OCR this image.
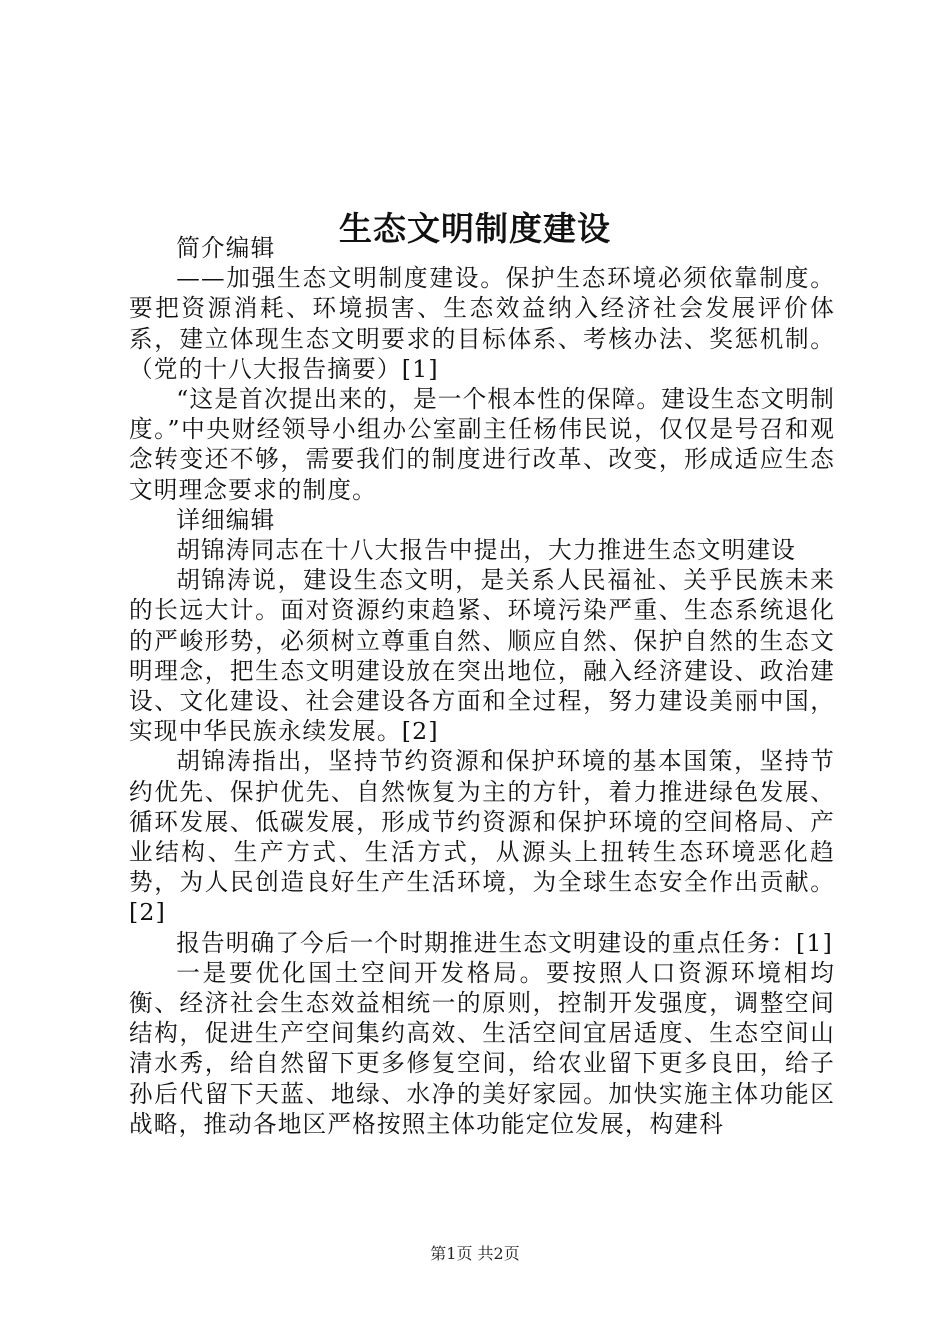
生态文明制度建设

简介编辑

——加强生态文明制度建设。保护生态环境必须依靠制度。要把资源消耗、环境损害、生态效益纳入经济社会发展评价体系，建立体现生态文明要求的目标体系、考核办法、奖惩机制。（党的十八大报告摘要）[1]

“这是首次提出来的，是一个根本性的保障。建设生态文明制度。”中央财经领导小组办公室副主任杨伟民说，仅仅是号召和观念转变还不够，需要我们的制度进行改革、改变，形成适应生态文明理念要求的制度。

详细编辑

胡锦涛同志在十八大报告中提出，大力推进生态文明建设

胡锦涛说，建设生态文明，是关系人民福祉、关乎民族未来的长远大计。面对资源约束趋紧、环境污染严重、生态系统退化的严峻形势，必须树立尊重自然、顺应自然、保护自然的生态文明理念，把生态文明建设放在突出地位，融入经济建设、政治建设、文化建设、社会建设各方面和全过程，努力建设美丽中国，实现中华民族永续发展。[2]

胡锦涛指出，坚持节约资源和保护环境的基本国策，坚持节约优先、保护优先、自然恢复为主的方针，着力推进绿色发展、循环发展、低碳发展，形成节约资源和保护环境的空间格局、产业结构、生产方式、生活方式，从源头上扭转生态环境恶化趋势，为人民创造良好生产生活环境，为全球生态安全作出贡献。[2]

报告明确了今后一个时期推进生态文明建设的重点任务：[1]

一是要优化国土空间开发格局。要按照人口资源环境相均衡、经济社会生态效益相统一的原则，控制开发强度，调整空间结构，促进生产空间集约高效、生活空间宜居适度、生态空间山清水秀，给自然留下更多修复空间，给农业留下更多良田，给子孙后代留下天蓝、地绿、水净的美好家园。加快实施主体功能区战略，推动各地区严格按照主体功能定位发展，构建科

第1页 共2页
